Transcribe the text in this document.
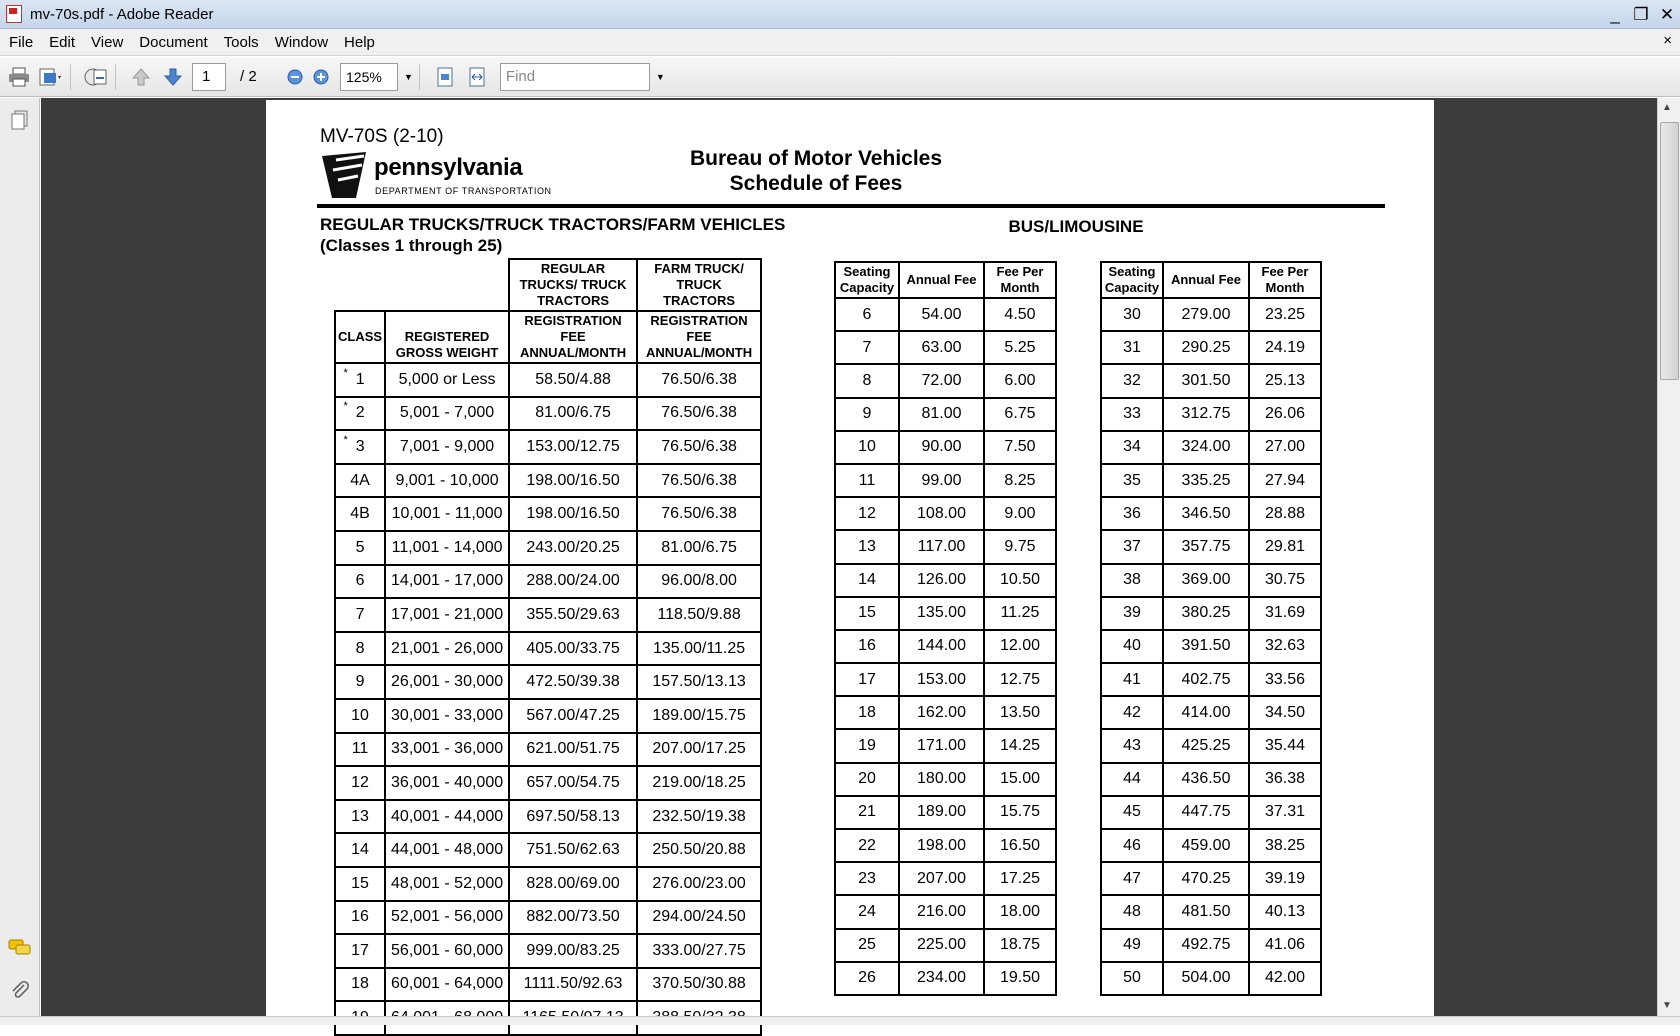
mv-70s.pdf - Adobe Reader	_ ❐ ✕
File	Edit	View	Document	Tools	Window	Help	×
1	/ 2	125%	▼	Find	▼
MV-70S (2-10)
pennsylvania
DEPARTMENT OF TRANSPORTATION
Bureau of Motor Vehicles
Schedule of Fees
REGULAR TRUCKS/TRUCK TRACTORS/FARM VEHICLES
(Classes 1 through 25)
BUS/LIMOUSINE
		REGULAR TRUCKS/ TRUCK TRACTORS	FARM TRUCK/ TRUCK TRACTORS
CLASS	REGISTERED GROSS WEIGHT	REGISTRATION FEE ANNUAL/MONTH	REGISTRATION FEE ANNUAL/MONTH
* 1	5,000 or Less	58.50/4.88	76.50/6.38
* 2	5,001 - 7,000	81.00/6.75	76.50/6.38
* 3	7,001 - 9,000	153.00/12.75	76.50/6.38
4A	9,001 - 10,000	198.00/16.50	76.50/6.38
4B	10,001 - 11,000	198.00/16.50	76.50/6.38
5	11,001 - 14,000	243.00/20.25	81.00/6.75
6	14,001 - 17,000	288.00/24.00	96.00/8.00
7	17,001 - 21,000	355.50/29.63	118.50/9.88
8	21,001 - 26,000	405.00/33.75	135.00/11.25
9	26,001 - 30,000	472.50/39.38	157.50/13.13
10	30,001 - 33,000	567.00/47.25	189.00/15.75
11	33,001 - 36,000	621.00/51.75	207.00/17.25
12	36,001 - 40,000	657.00/54.75	219.00/18.25
13	40,001 - 44,000	697.50/58.13	232.50/19.38
14	44,001 - 48,000	751.50/62.63	250.50/20.88
15	48,001 - 52,000	828.00/69.00	276.00/23.00
16	52,001 - 56,000	882.00/73.50	294.00/24.50
17	56,001 - 60,000	999.00/83.25	333.00/27.75
18	60,001 - 64,000	1111.50/92.63	370.50/30.88

Seating Capacity	Annual Fee	Fee Per Month
6	54.00	4.50
7	63.00	5.25
8	72.00	6.00
9	81.00	6.75
10	90.00	7.50
11	99.00	8.25
12	108.00	9.00
13	117.00	9.75
14	126.00	10.50
15	135.00	11.25
16	144.00	12.00
17	153.00	12.75
18	162.00	13.50
19	171.00	14.25
20	180.00	15.00
21	189.00	15.75
22	198.00	16.50
23	207.00	17.25
24	216.00	18.00
25	225.00	18.75
26	234.00	19.50
Seating Capacity	Annual Fee	Fee Per Month
30	279.00	23.25
31	290.25	24.19
32	301.50	25.13
33	312.75	26.06
34	324.00	27.00
35	335.25	27.94
36	346.50	28.88
37	357.75	29.81
38	369.00	30.75
39	380.25	31.69
40	391.50	32.63
41	402.75	33.56
42	414.00	34.50
43	425.25	35.44
44	436.50	36.38
45	447.75	37.31
46	459.00	38.25
47	470.25	39.19
48	481.50	40.13
49	492.75	41.06
50	504.00	42.00
▲
▼
